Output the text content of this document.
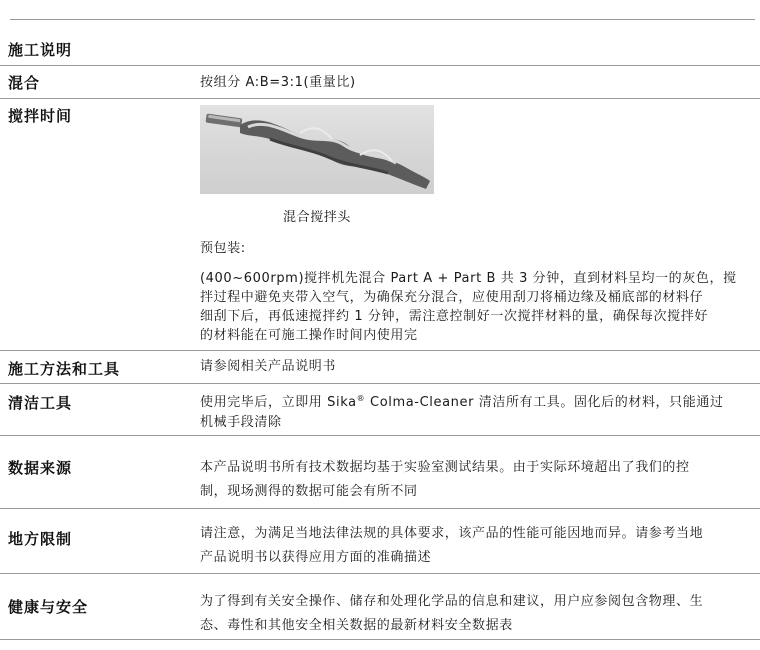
施工说明
混合	按组分 A:B=3:1(重量比)
搅拌时间
混合搅拌头
预包装:
(400~600rpm)搅拌机先混合 Part A + Part B 共 3 分钟，直到材料呈均一的灰色，搅
拌过程中避免夹带入空气，为确保充分混合，应使用刮刀将桶边缘及桶底部的材料仔
细刮下后，再低速搅拌约 1 分钟，需注意控制好一次搅拌材料的量，确保每次搅拌好
的材料能在可施工操作时间内使用完
施工方法和工具	请参阅相关产品说明书
清洁工具	使用完毕后，立即用 Sika® Colma-Cleaner 清洁所有工具。固化后的材料，只能通过
机械手段清除
数据来源	本产品说明书所有技术数据均基于实验室测试结果。由于实际环境超出了我们的控
制，现场测得的数据可能会有所不同
地方限制	请注意，为满足当地法律法规的具体要求，该产品的性能可能因地而异。请参考当地
产品说明书以获得应用方面的准确描述
健康与安全	为了得到有关安全操作、储存和处理化学品的信息和建议，用户应参阅包含物理、生
态、毒性和其他安全相关数据的最新材料安全数据表
